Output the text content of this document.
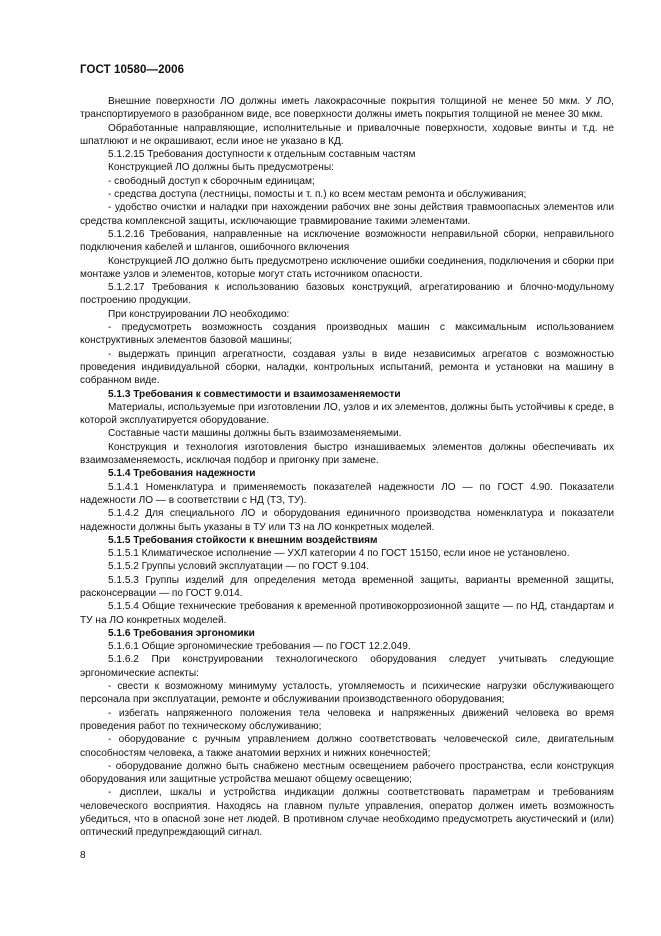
ГОСТ 10580—2006

Внешние поверхности ЛО должны иметь лакокрасочные покрытия толщиной не менее 50 мкм. У ЛО, транспортируемого в разобранном виде, все поверхности должны иметь покрытия толщиной не менее 30 мкм.

Обработанные направляющие, исполнительные и привалочные поверхности, ходовые винты и т.д. не шпатлюют и не окрашивают, если иное не указано в КД.

5.1.2.15 Требования доступности к отдельным составным частям

Конструкцией ЛО должны быть предусмотрены:

- свободный доступ к сборочным единицам;

- средства доступа (лестницы, помосты и т. п.) ко всем местам ремонта и обслуживания;

- удобство очистки и наладки при нахождении рабочих вне зоны действия травмоопасных элементов или средства комплексной защиты, исключающие травмирование такими элементами.

5.1.2.16 Требования, направленные на исключение возможности неправильной сборки, неправильного подключения кабелей и шлангов, ошибочного включения

Конструкцией ЛО должно быть предусмотрено исключение ошибки соединения, подключения и сборки при монтаже узлов и элементов, которые могут стать источником опасности.

5.1.2.17 Требования к использованию базовых конструкций, агрегатированию и блочно-модульному построению продукции.

При конструировании ЛО необходимо:

- предусмотреть возможность создания производных машин с максимальным использованием конструктивных элементов базовой машины;

- выдержать принцип агрегатности, создавая узлы в виде независимых агрегатов с возможностью проведения индивидуальной сборки, наладки, контрольных испытаний, ремонта и установки на машину в собранном виде.

5.1.3 Требования к совместимости и взаимозаменяемости

Материалы, используемые при изготовлении ЛО, узлов и их элементов, должны быть устойчивы к среде, в которой эксплуатируется оборудование.

Составные части машины должны быть взаимозаменяемыми.

Конструкция и технология изготовления быстро изнашиваемых элементов должны обеспечивать их взаимозаменяемость, исключая подбор и пригонку при замене.

5.1.4 Требования надежности

5.1.4.1 Номенклатура и применяемость показателей надежности ЛО — по ГОСТ 4.90. Показатели надежности ЛО — в соответствии с НД (ТЗ, ТУ).

5.1.4.2 Для специального ЛО и оборудования единичного производства номенклатура и показатели надежности должны быть указаны в ТУ или ТЗ на ЛО конкретных моделей.

5.1.5 Требования стойкости к внешним воздействиям

5.1.5.1 Климатическое исполнение — УХЛ категории 4 по ГОСТ 15150, если иное не установлено.

5.1.5.2 Группы условий эксплуатации — по ГОСТ 9.104.

5.1.5.3 Группы изделий для определения метода временной защиты, варианты временной защиты, расконсервации — по ГОСТ 9.014.

5.1.5.4 Общие технические требования к временной противокоррозионной защите — по НД, стандартам и ТУ на ЛО конкретных моделей.

5.1.6 Требования эргономики

5.1.6.1 Общие эргономические требования — по ГОСТ 12.2.049.

5.1.6.2 При конструировании технологического оборудования следует учитывать следующие эргономические аспекты:

- свести к возможному минимуму усталость, утомляемость и психические нагрузки обслуживающего персонала при эксплуатации, ремонте и обслуживании производственного оборудования;

- избегать напряженного положения тела человека и напряженных движений человека во время проведения работ по техническому обслуживанию;

- оборудование с ручным управлением должно соответствовать человеческой силе, двигательным способностям человека, а также анатомии верхних и нижних конечностей;

- оборудование должно быть снабжено местным освещением рабочего пространства, если конструкция оборудования или защитные устройства мешают общему освещению;

- дисплеи, шкалы и устройства индикации должны соответствовать параметрам и требованиям человеческого восприятия. Находясь на главном пульте управления, оператор должен иметь возможность убедиться, что в опасной зоне нет людей. В противном случае необходимо предусмотреть акустический и (или) оптический предупреждающий сигнал.

8
